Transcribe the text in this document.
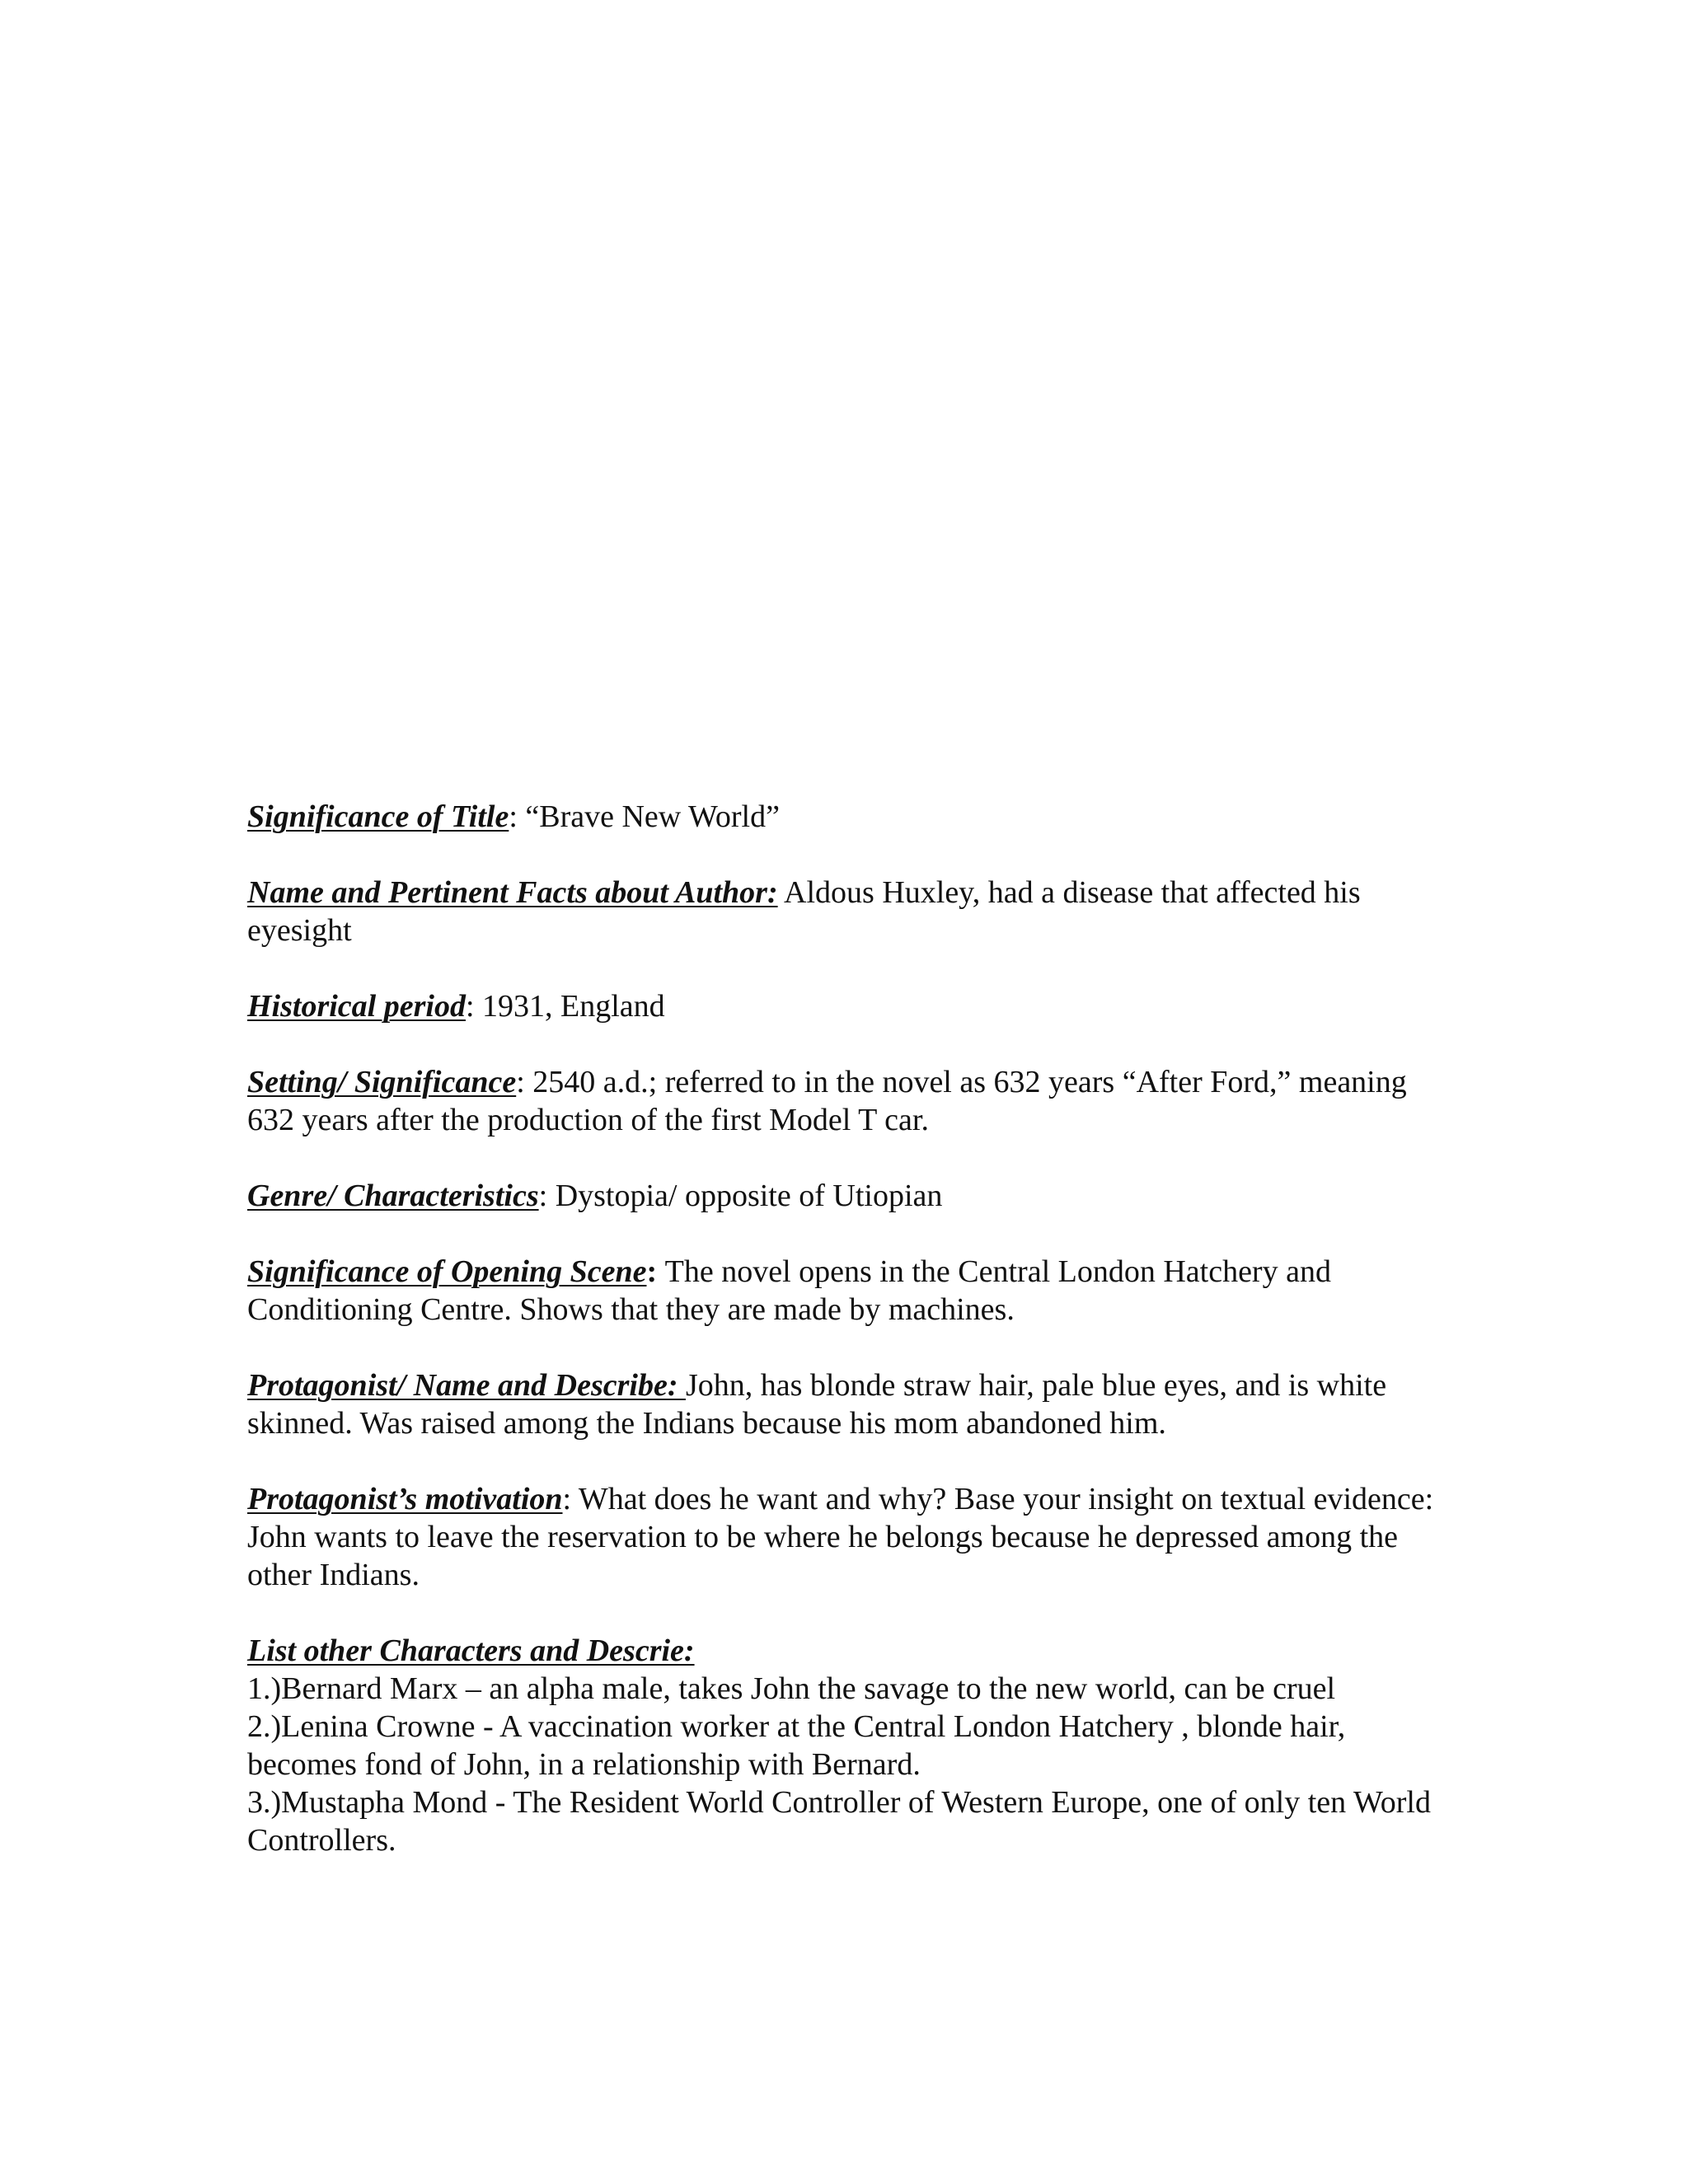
Significance of Title: “Brave New World”

Name and Pertinent Facts about Author: Aldous Huxley, had a disease that affected his eyesight

Historical period: 1931, England

Setting/ Significance: 2540 a.d.; referred to in the novel as 632 years “After Ford,” meaning 632 years after the production of the first Model T car.

Genre/ Characteristics: Dystopia/ opposite of Utiopian

Significance of Opening Scene: The novel opens in the Central London Hatchery and Conditioning Centre. Shows that they are made by machines.

Protagonist/ Name and Describe: John, has blonde straw hair, pale blue eyes, and is white skinned. Was raised among the Indians because his mom abandoned him.

Protagonist’s motivation: What does he want and why? Base your insight on textual evidence: John wants to leave the reservation to be where he belongs because he depressed among the other Indians.

List other Characters and Descrie:

1.)Bernard Marx – an alpha male, takes John the savage to the new world, can be cruel
2.)Lenina Crowne - A vaccination worker at the Central London Hatchery , blonde hair, becomes fond of John, in a relationship with Bernard.
3.)Mustapha Mond - The Resident World Controller of Western Europe, one of only ten World Controllers.
